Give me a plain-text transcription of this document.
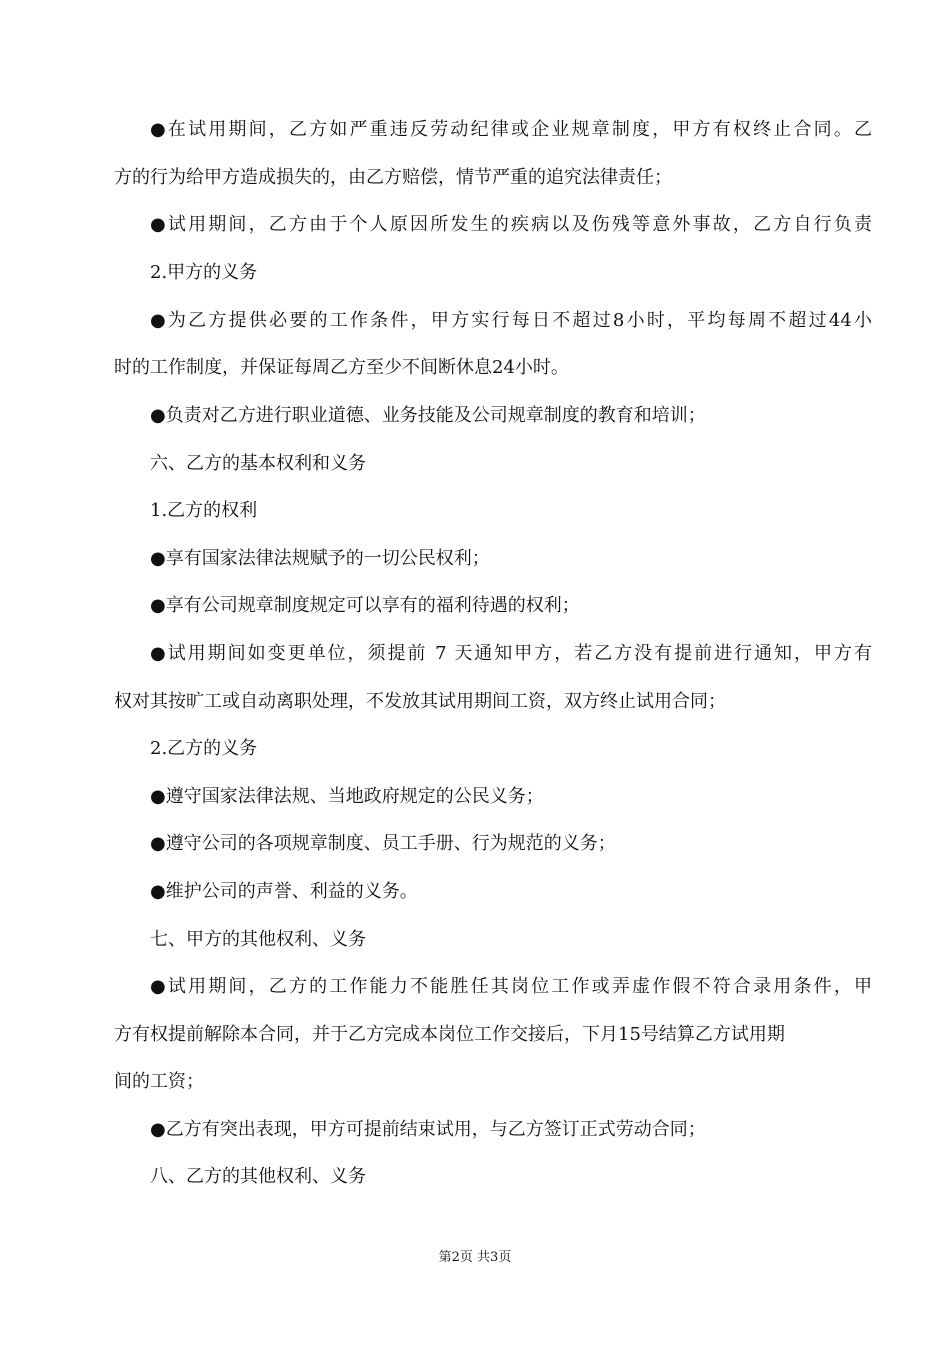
●在试用期间，乙方如严重违反劳动纪律或企业规章制度，甲方有权终止合同。乙
方的行为给甲方造成损失的，由乙方赔偿，情节严重的追究法律责任；
●试用期间，乙方由于个人原因所发生的疾病以及伤残等意外事故，乙方自行负责
2.甲方的义务
●为乙方提供必要的工作条件，甲方实行每日不超过8小时，平均每周不超过44小
时的工作制度，并保证每周乙方至少不间断休息24小时。
●负责对乙方进行职业道德、业务技能及公司规章制度的教育和培训；
六、乙方的基本权利和义务
1.乙方的权利
●享有国家法律法规赋予的一切公民权利；
●享有公司规章制度规定可以享有的福利待遇的权利；
●试用期间如变更单位，须提前 7 天通知甲方，若乙方没有提前进行通知，甲方有
权对其按旷工或自动离职处理，不发放其试用期间工资，双方终止试用合同；
2.乙方的义务
●遵守国家法律法规、当地政府规定的公民义务；
●遵守公司的各项规章制度、员工手册、行为规范的义务；
●维护公司的声誉、利益的义务。
七、甲方的其他权利、义务
●试用期间，乙方的工作能力不能胜任其岗位工作或弄虚作假不符合录用条件，甲
方有权提前解除本合同，并于乙方完成本岗位工作交接后，下月15号结算乙方试用期
间的工资；
●乙方有突出表现，甲方可提前结束试用，与乙方签订正式劳动合同；
八、乙方的其他权利、义务
第2页 共3页
